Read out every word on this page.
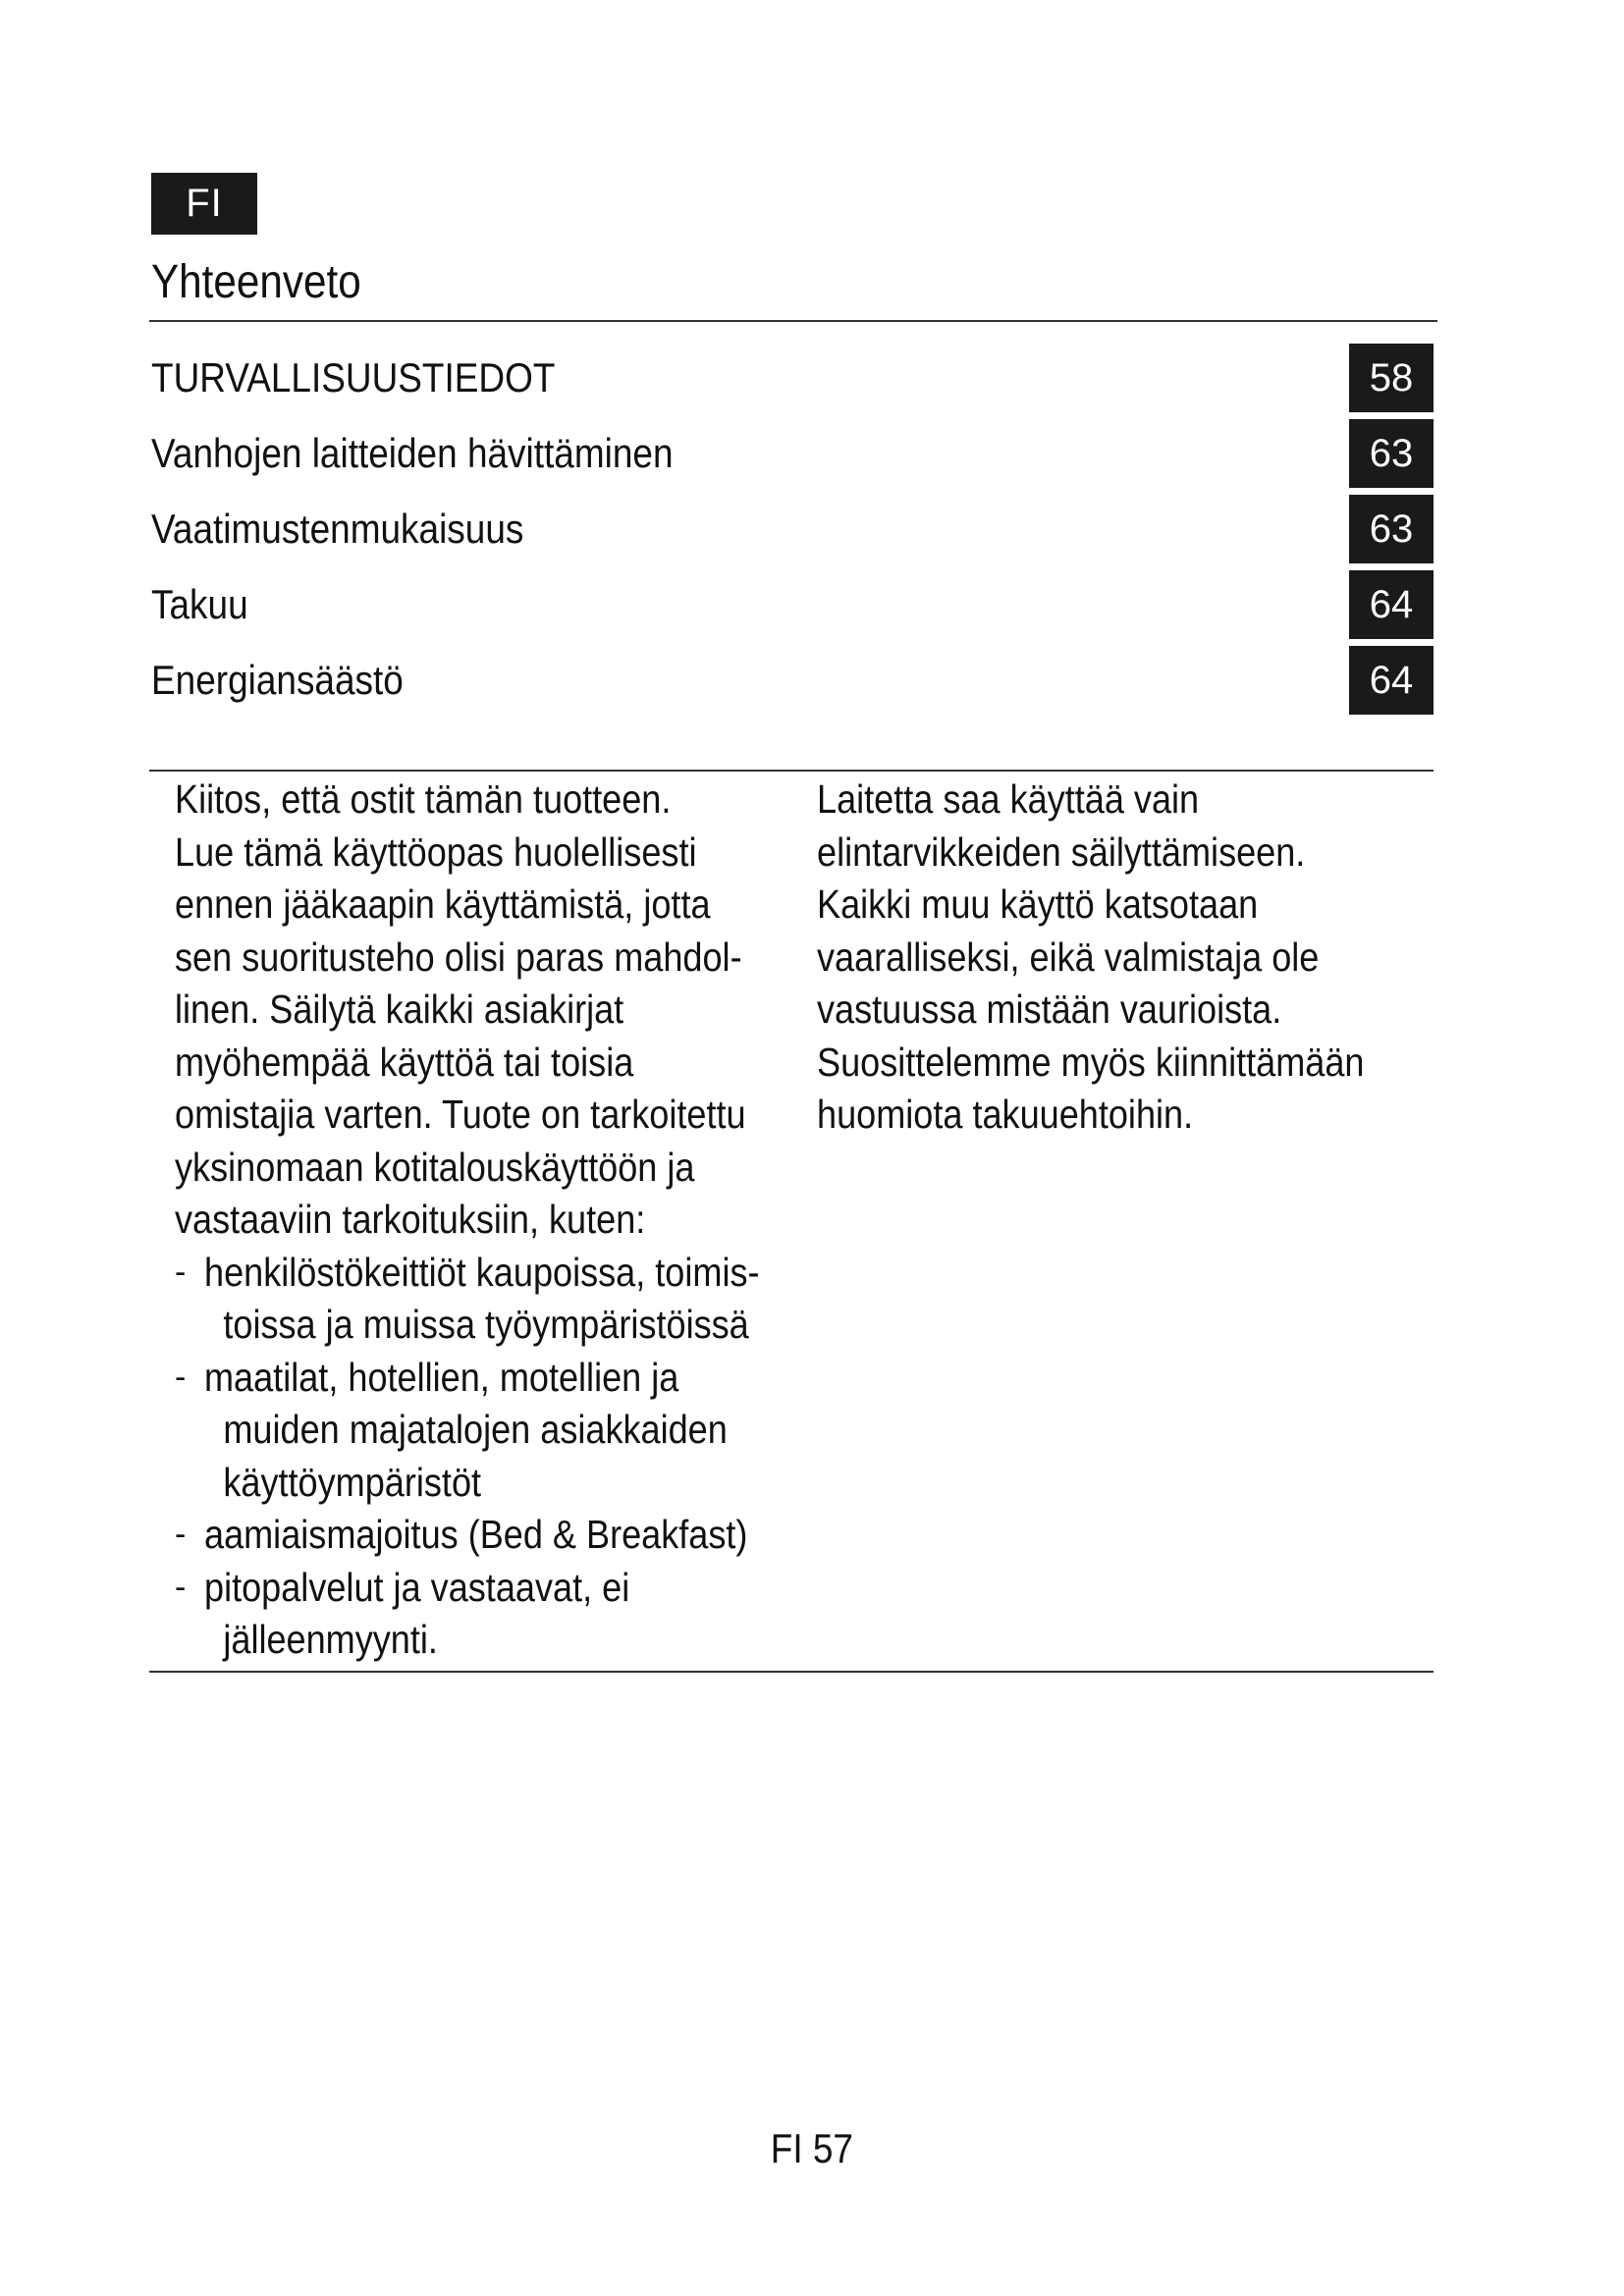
FI
Yhteenveto
TURVALLISUUSTIEDOT	58
Vanhojen laitteiden hävittäminen	63
Vaatimustenmukaisuus	63
Takuu	64
Energiansäästö	64

Kiitos, että ostit tämän tuotteen.
Lue tämä käyttöopas huolellisesti
ennen jääkaapin käyttämistä, jotta
sen suoritusteho olisi paras mahdol-
linen. Säilytä kaikki asiakirjat
myöhempää käyttöä tai toisia
omistajia varten. Tuote on tarkoitettu
yksinomaan kotitalouskäyttöön ja
vastaaviin tarkoituksiin, kuten:

- henkilöstökeittiöt kaupoissa, toimis-
toissa ja muissa työympäristöissä
- maatilat, hotellien, motellien ja
muiden majatalojen asiakkaiden
käyttöympäristöt
- aamiaismajoitus (Bed & Breakfast)
- pitopalvelut ja vastaavat, ei
jälleenmyynti.

Laitetta saa käyttää vain
elintarvikkeiden säilyttämiseen.
Kaikki muu käyttö katsotaan
vaaralliseksi, eikä valmistaja ole
vastuussa mistään vaurioista.
Suosittelemme myös kiinnittämään
huomiota takuuehtoihin.

FI 57
